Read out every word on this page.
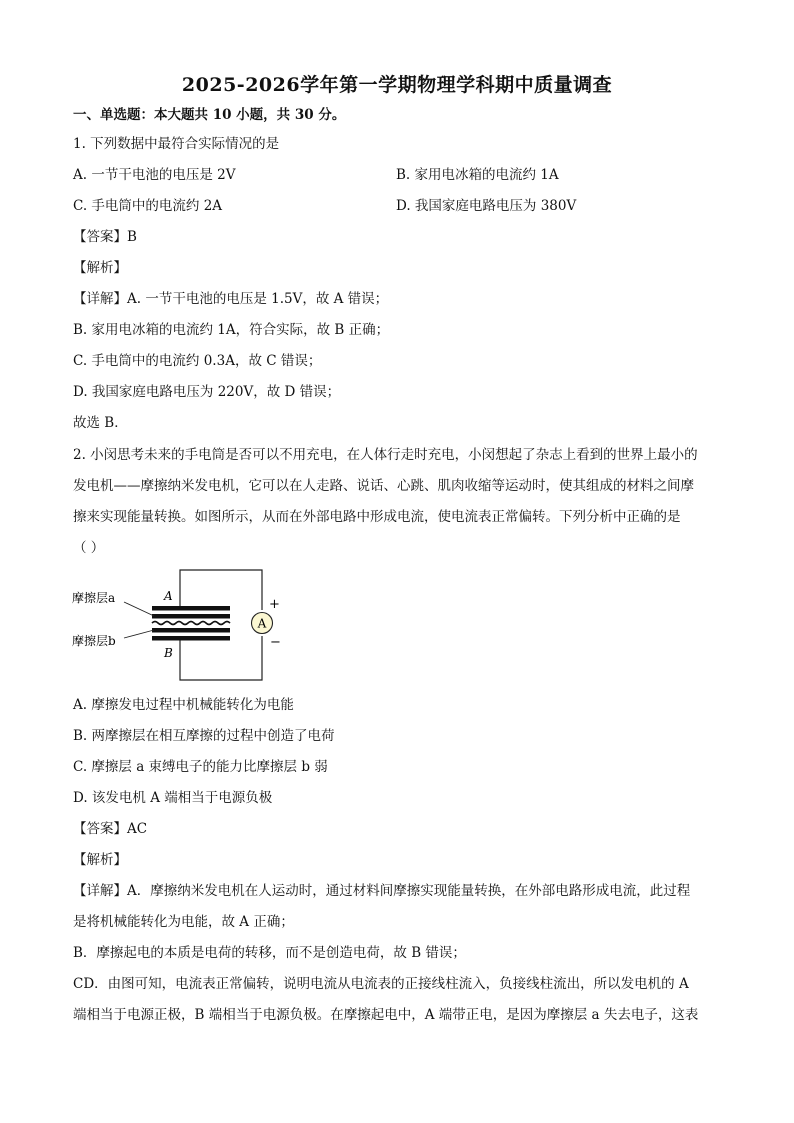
2025-2026学年第一学期物理学科期中质量调查
一、单选题：本大题共 10 小题，共 30 分。
1. 下列数据中最符合实际情况的是
A. 一节干电池的电压是 2V	B. 家用电冰箱的电流约 1A
C. 手电筒中的电流约 2A	D. 我国家庭电路电压为 380V
【答案】B
【解析】
【详解】A. 一节干电池的电压是 1.5V，故 A 错误；
B. 家用电冰箱的电流约 1A，符合实际，故 B 正确；
C. 手电筒中的电流约 0.3A，故 C 错误；
D. 我国家庭电路电压为 220V，故 D 错误；
故选 B．
2. 小闵思考未来的手电筒是否可以不用充电，在人体行走时充电，小闵想起了杂志上看到的世界上最小的
发电机——摩擦纳米发电机，它可以在人走路、说话、心跳、肌肉收缩等运动时，使其组成的材料之间摩
擦来实现能量转换。如图所示，从而在外部电路中形成电流，使电流表正常偏转。下列分析中正确的是
（ ）
A
+
−
A
B
摩擦层a
摩擦层b
A. 摩擦发电过程中机械能转化为电能
B. 两摩擦层在相互摩擦的过程中创造了电荷
C. 摩擦层 a 束缚电子的能力比摩擦层 b 弱
D. 该发电机 A 端相当于电源负极
【答案】AC
【解析】
【详解】A．摩擦纳米发电机在人运动时，通过材料间摩擦实现能量转换，在外部电路形成电流，此过程
是将机械能转化为电能，故 A 正确；
B．摩擦起电的本质是电荷的转移，而不是创造电荷，故 B 错误；
CD．由图可知，电流表正常偏转，说明电流从电流表的正接线柱流入，负接线柱流出，所以发电机的 A
端相当于电源正极，B 端相当于电源负极。在摩擦起电中，A 端带正电，是因为摩擦层 a 失去电子，这表
